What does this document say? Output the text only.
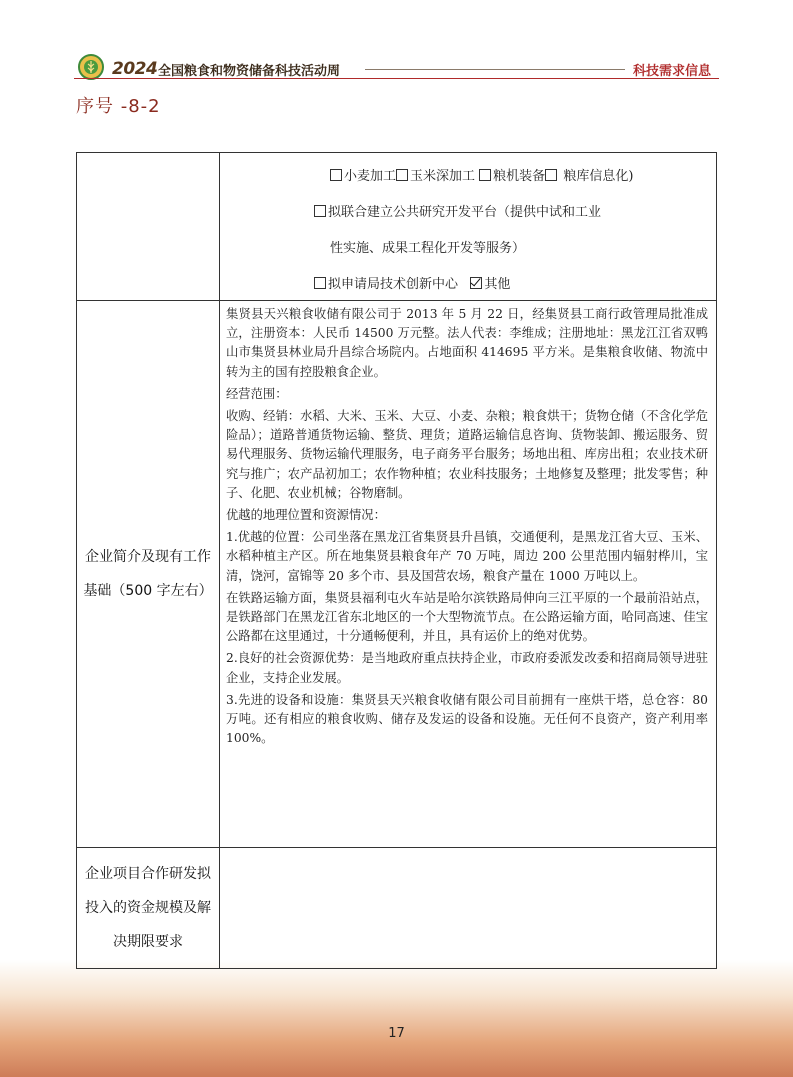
2024 全国粮食和物资储备科技活动周	科技需求信息
序号 -8-2
小麦加工 玉米深加工 粮机装备 粮库信息化)
拟联合建立公共研究开发平台（提供中试和工业
性实施、成果工程化开发等服务）
拟申请局技术创新中心 其他
企业简介及现有工作
基础（500 字左右）

集贤县天兴粮食收储有限公司于 2013 年 5 月 22 日，经集贤县工商行政管理局批准成立，注册资本：人民币 14500 万元整。法人代表：李维成；注册地址：黑龙江江省双鸭山市集贤县林业局升昌综合场院内。占地面积 414695 平方米。是集粮食收储、物流中转为主的国有控股粮食企业。

经营范围：

收购、经销：水稻、大米、玉米、大豆、小麦、杂粮；粮食烘干；货物仓储（不含化学危险品）；道路普通货物运输、整货、理货；道路运输信息咨询、货物装卸、搬运服务、贸易代理服务、货物运输代理服务，电子商务平台服务；场地出租、库房出租；农业技术研究与推广；农产品初加工；农作物种植；农业科技服务；土地修复及整理；批发零售；种子、化肥、农业机械；谷物磨制。

优越的地理位置和资源情况：

1.优越的位置：公司坐落在黑龙江省集贤县升昌镇，交通便利，是黑龙江省大豆、玉米、水稻种植主产区。所在地集贤县粮食年产 70 万吨，周边 200 公里范围内辐射桦川，宝清，饶河，富锦等 20 多个市、县及国营农场，粮食产量在 1000 万吨以上。

在铁路运输方面，集贤县福利屯火车站是哈尔滨铁路局伸向三江平原的一个最前沿站点，是铁路部门在黑龙江省东北地区的一个大型物流节点。在公路运输方面，哈同高速、佳宝公路都在这里通过，十分通畅便利，并且，具有运价上的绝对优势。

2.良好的社会资源优势：是当地政府重点扶持企业，市政府委派发改委和招商局领导进驻企业，支持企业发展。

3.先进的设备和设施：集贤县天兴粮食收储有限公司目前拥有一座烘干塔，总仓容：80 万吨。还有相应的粮食收购、储存及发运的设备和设施。无任何不良资产，资产利用率 100%。

企业项目合作研发拟
投入的资金规模及解
决期限要求
17
